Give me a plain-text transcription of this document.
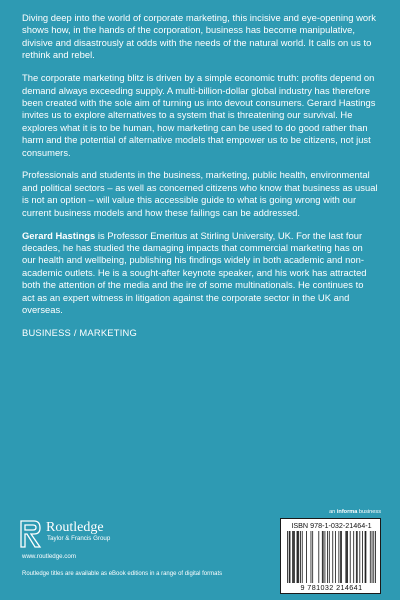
Diving deep into the world of corporate marketing, this incisive and eye-opening work shows how, in the hands of the corporation, business has become manipulative, divisive and disastrously at odds with the needs of the natural world. It calls on us to rethink and rebel.

The corporate marketing blitz is driven by a simple economic truth: profits depend on demand always exceeding supply. A multi-billion-dollar global industry has therefore been created with the sole aim of turning us into devout consumers. Gerard Hastings invites us to explore alternatives to a system that is threatening our survival. He explores what it is to be human, how marketing can be used to do good rather than harm and the potential of alternative models that empower us to be citizens, not just consumers.

Professionals and students in the business, marketing, public health, environmental and political sectors – as well as concerned citizens who know that business as usual is not an option – will value this accessible guide to what is going wrong with our current business models and how these failings can be addressed.

Gerard Hastings is Professor Emeritus at Stirling University, UK. For the last four decades, he has studied the damaging impacts that commercial marketing has on our health and wellbeing, publishing his findings widely in both academic and non-academic outlets. He is a sought-after keynote speaker, and his work has attracted both the attention of the media and the ire of some multinationals. He continues to act as an expert witness in litigation against the corporate sector in the UK and overseas.

BUSINESS / MARKETING
Routledge
Taylor & Francis Group
www.routledge.com
Routledge titles are available as eBook editions in a range of digital formats
an informa business
ISBN 978-1-032-21464-1
9 781032 214641
